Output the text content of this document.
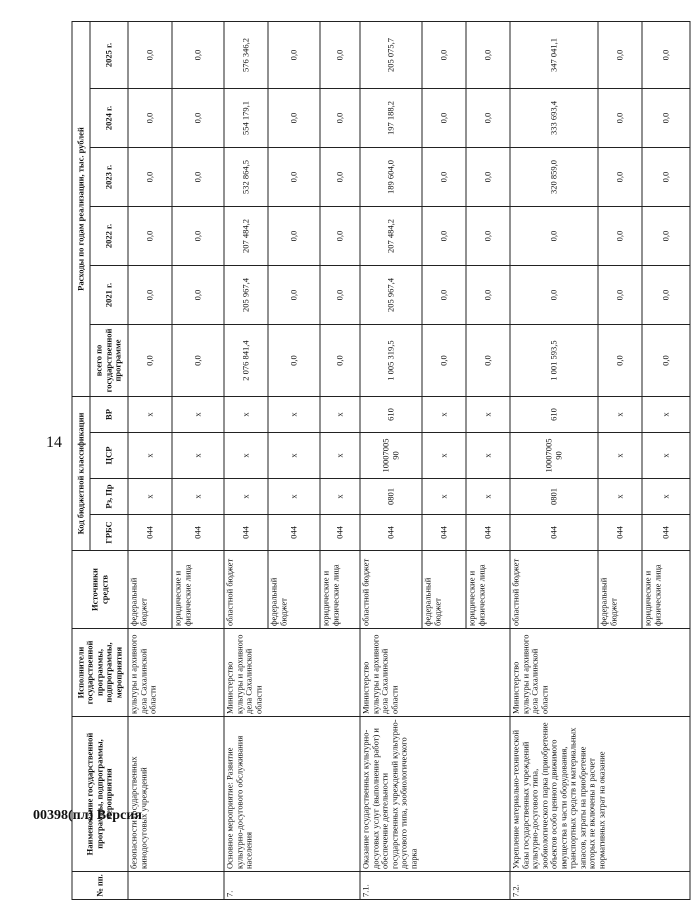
14
№ пп.	Наименование государственной программы, подпрограммы, мероприятия	Исполнители государственной программы, подпрограммы, мероприятия	Источники средств	Код бюджетной классификации				Расходы по годам реализации, тыс. рублей					
				ГРБС	Рз, Пр	ЦСР	ВР	всего по государственной программе	2021 г.	2022 г.	2023 г.	2024 г.	2025 г.
	безопасности государственных кинодосуговых учреждений	культуры и архивного дела Сахалинской области	федеральный бюджет	044	х	х	х	0,0	0,0	0,0	0,0	0,0	0,0
			юридические и физические лица	044	х	х	х	0,0	0,0	0,0	0,0	0,0	0,0
7.	Основное мероприятие: Развитие культурно-досугового обслуживания населения	Министерство культуры и архивного дела Сахалинской области	областной бюджет	044	х	х	х	2 076 841,4	205 967,4	207 484,2	532 864,5	554 179,1	576 346,2
			федеральный бюджет	044	х	х	х	0,0	0,0	0,0	0,0	0,0	0,0
			юридические и физические лица	044	х	х	х	0,0	0,0	0,0	0,0	0,0	0,0
7.1.	Оказание государственных культурно-досуговых услуг (выполнение работ) и обеспечение деятельности государственных учреждений культурно-досугового типа, зообиологического парка	Министерство культуры и архивного дела Сахалинской области	областной бюджет	044	0801	10007005 90	610	1 005 319,5	205 967,4	207 484,2	189 604,0	197 188,2	205 075,7
			федеральный бюджет	044	х	х	х	0,0	0,0	0,0	0,0	0,0	0,0
			юридические и физические лица	044	х	х	х	0,0	0,0	0,0	0,0	0,0	0,0
7.2.	Укрепление материально-технической базы государственных учреждений культурно-досугового типа, зообиологического парка (приобретение объектов особо ценного движимого имущества в части оборудования, транспортных средств и материальных запасов, затраты на приобретение которых не включены в расчет нормативных затрат на оказание	Министерство культуры и архивного дела Сахалинской области	областной бюджет	044	0801	10007005 90	610	1 001 593,5	0,0	0,0	320 859,0	333 693,4	347 041,1
			федеральный бюджет	044	х	х	х	0,0	0,0	0,0	0,0	0,0	0,0
			юридические и физические лица	044	х	х	х	0,0	0,0	0,0	0,0	0,0	0,0
00398(пл) Версия
